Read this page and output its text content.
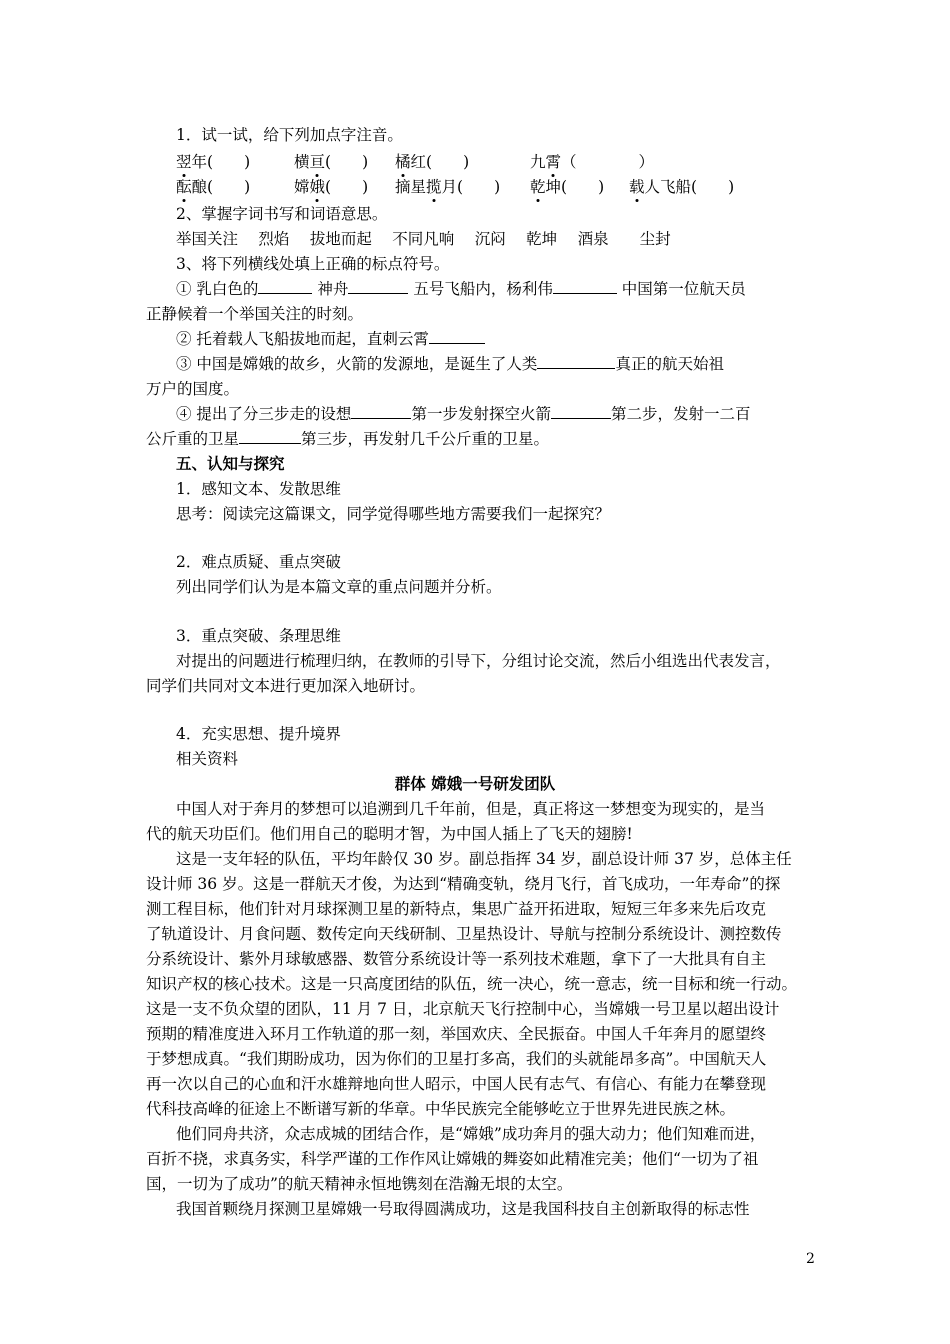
1．试一试，给下列加点字注音。
翌年(　　)	横亘(　　) 橘红(　　)	九霄（　　　　）
酝酿(　　)	嫦娥(　　) 摘星揽月(　　) 乾坤(　　) 载人飞船(　　)
2、掌握字词书写和词语意思。
举国关注　 烈焰　 拔地而起　 不同凡响　 沉闷　 乾坤　 酒泉　　尘封
3、将下列横线处填上正确的标点符号。
① 乳白色的	神舟	五号飞船内，杨利伟	中国第一位航天员
正静候着一个举国关注的时刻。
② 托着载人飞船拔地而起，直刺云霄
③ 中国是嫦娥的故乡，火箭的发源地，是诞生了人类	真正的航天始祖
万户的国度。
④ 提出了分三步走的设想	第一步发射探空火箭	第二步，发射一二百
公斤重的卫星	第三步，再发射几千公斤重的卫星。
五、认知与探究
1．感知文本、发散思维
思考：阅读完这篇课文，同学觉得哪些地方需要我们一起探究？
2．难点质疑、重点突破
列出同学们认为是本篇文章的重点问题并分析。
3．重点突破、条理思维
对提出的问题进行梳理归纳，在教师的引导下，分组讨论交流，然后小组选出代表发言，
同学们共同对文本进行更加深入地研讨。
4．充实思想、提升境界
相关资料
群体 嫦娥一号研发团队
中国人对于奔月的梦想可以追溯到几千年前，但是，真正将这一梦想变为现实的，是当
代的航天功臣们。他们用自己的聪明才智，为中国人插上了飞天的翅膀!
这是一支年轻的队伍，平均年龄仅 30 岁。副总指挥 34 岁，副总设计师 37 岁，总体主任
设计师 36 岁。这是一群航天才俊，为达到“精确变轨，绕月飞行，首飞成功，一年寿命”的探
测工程目标，他们针对月球探测卫星的新特点，集思广益开拓进取，短短三年多来先后攻克
了轨道设计、月食问题、数传定向天线研制、卫星热设计、导航与控制分系统设计、测控数传
分系统设计、紫外月球敏感器、数管分系统设计等一系列技术难题，拿下了一大批具有自主
知识产权的核心技术。这是一只高度团结的队伍，统一决心，统一意志，统一目标和统一行动。
这是一支不负众望的团队，11 月 7 日，北京航天飞行控制中心，当嫦娥一号卫星以超出设计
预期的精准度进入环月工作轨道的那一刻，举国欢庆、全民振奋。中国人千年奔月的愿望终
于梦想成真。“我们期盼成功，因为你们的卫星打多高，我们的头就能昂多高”。中国航天人
再一次以自己的心血和汗水雄辩地向世人昭示，中国人民有志气、有信心、有能力在攀登现
代科技高峰的征途上不断谱写新的华章。中华民族完全能够屹立于世界先进民族之林。
他们同舟共济，众志成城的团结合作，是“嫦娥”成功奔月的强大动力；他们知难而进，
百折不挠，求真务实，科学严谨的工作作风让嫦娥的舞姿如此精准完美；他们“一切为了祖
国，一切为了成功”的航天精神永恒地镌刻在浩瀚无垠的太空。
我国首颗绕月探测卫星嫦娥一号取得圆满成功，这是我国科技自主创新取得的标志性
2
